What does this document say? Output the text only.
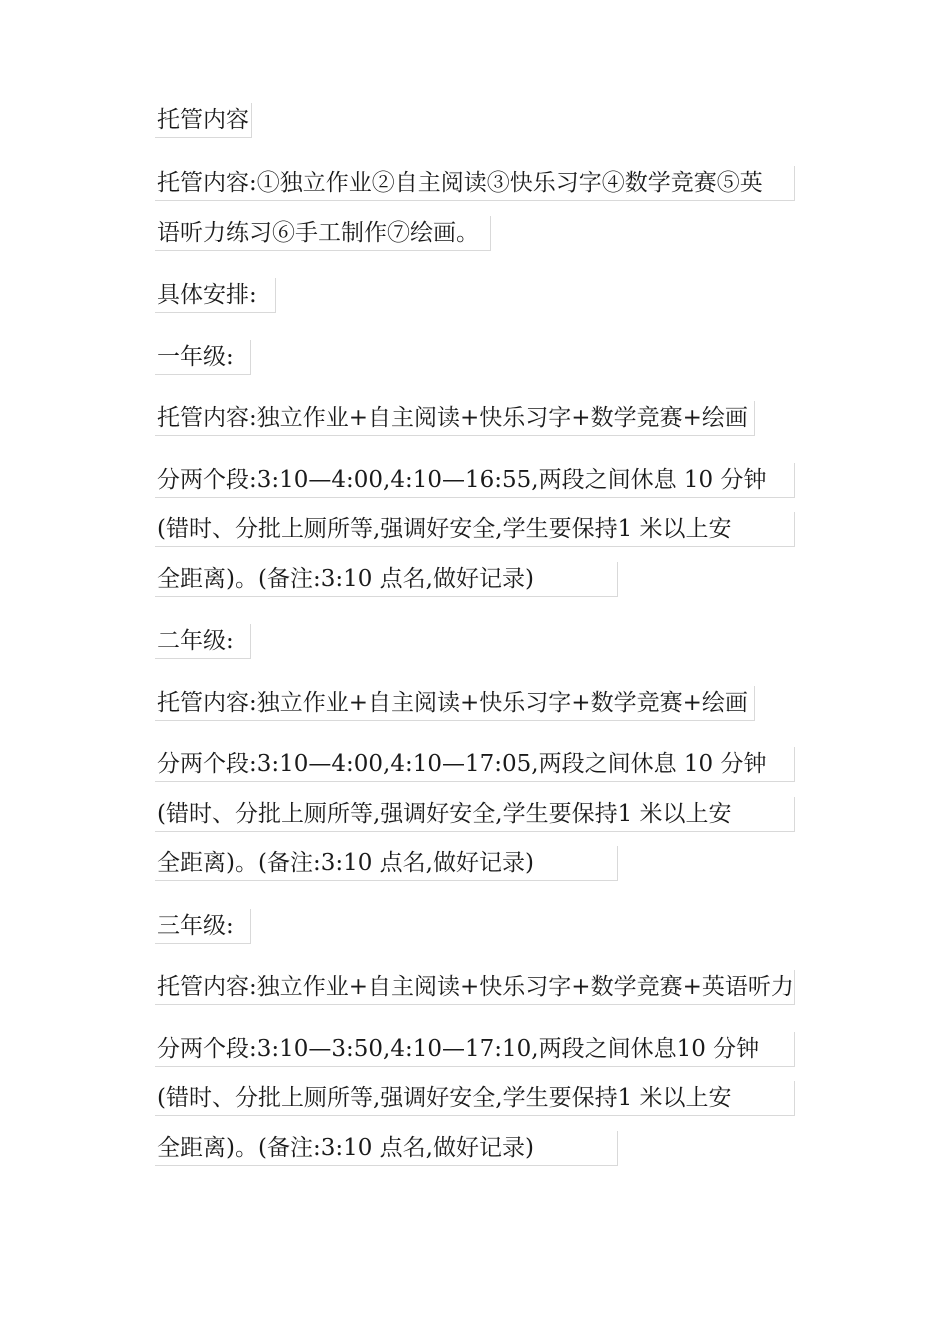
托管内容
托管内容:①独立作业②自主阅读③快乐习字④数学竞赛⑤英
语听力练习⑥手工制作⑦绘画。
具体安排:
一年级:
托管内容:独立作业+自主阅读+快乐习字+数学竞赛+绘画
分两个段:3:10—4:00,4:10—16:55,两段之间休息 10 分钟
(错时、分批上厕所等,强调好安全,学生要保持1 米以上安
全距离)。(备注:3:10 点名,做好记录)
二年级:
托管内容:独立作业+自主阅读+快乐习字+数学竞赛+绘画
分两个段:3:10—4:00,4:10—17:05,两段之间休息 10 分钟
(错时、分批上厕所等,强调好安全,学生要保持1 米以上安
全距离)。(备注:3:10 点名,做好记录)
三年级:
托管内容:独立作业+自主阅读+快乐习字+数学竞赛+英语听力
分两个段:3:10—3:50,4:10—17:10,两段之间休息10 分钟
(错时、分批上厕所等,强调好安全,学生要保持1 米以上安
全距离)。(备注:3:10 点名,做好记录)
